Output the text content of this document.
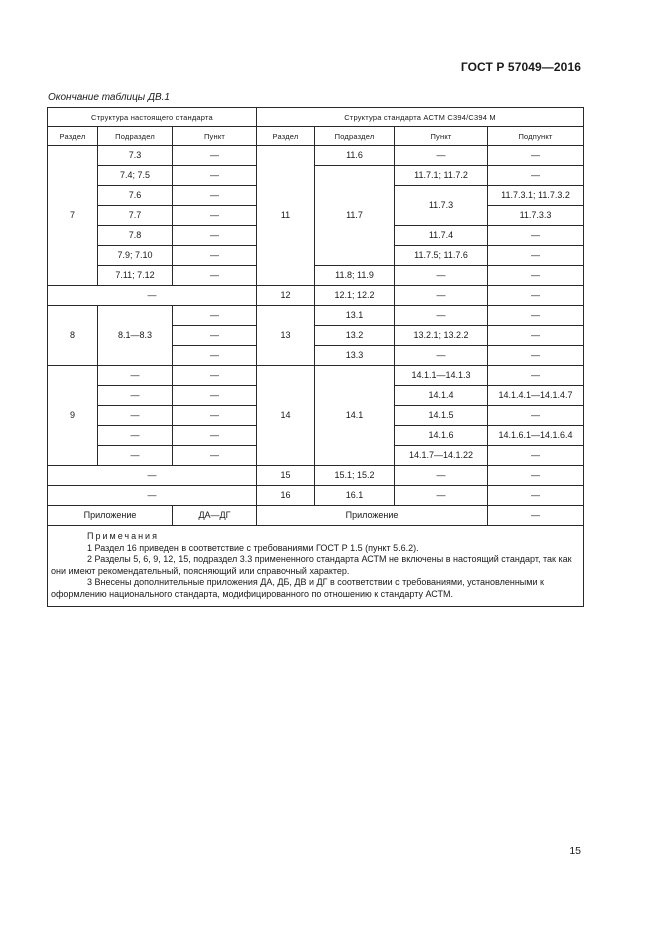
ГОСТ Р 57049—2016
Окончание таблицы ДВ.1
Структура настоящего стандарта			Структура стандарта АСТМ С394/С394 М			
Раздел	Подраздел	Пункт	Раздел	Подраздел	Пункт	Подпункт
7	7.3	—	11	11.6	—	—
	7.4; 7.5	—		11.7	11.7.1; 11.7.2	—
	7.6	—			11.7.3	11.7.3.1; 11.7.3.2
	7.7	—				11.7.3.3
	7.8	—			11.7.4	—
	7.9; 7.10	—			11.7.5; 11.7.6	—
	7.11; 7.12	—		11.8; 11.9	—	—
—			12	12.1; 12.2	—	—
8	8.1—8.3	—	13	13.1	—	—
		—		13.2	13.2.1; 13.2.2	—
		—		13.3	—	—
9	—	—	14	14.1	14.1.1—14.1.3	—
	—	—			14.1.4	14.1.4.1—14.1.4.7
	—	—			14.1.5	—
	—	—			14.1.6	14.1.6.1—14.1.6.4
	—	—			14.1.7—14.1.22	—
—			15	15.1; 15.2	—	—
—			16	16.1	—	—
Приложение		ДА—ДГ	Приложение			—

Примечания
1 Раздел 16 приведен в соответствие с требованиями ГОСТ Р 1.5 (пункт 5.6.2).
2 Разделы 5, 6, 9, 12, 15, подраздел 3.3 примененного стандарта АСТМ не включены в настоящий стандарт, так как они имеют рекомендательный, поясняющий или справочный характер.
3 Внесены дополнительные приложения ДА, ДБ, ДВ и ДГ в соответствии с требованиями, установленными к оформлению национального стандарта, модифицированного по отношению к стандарту АСТМ.						
15
